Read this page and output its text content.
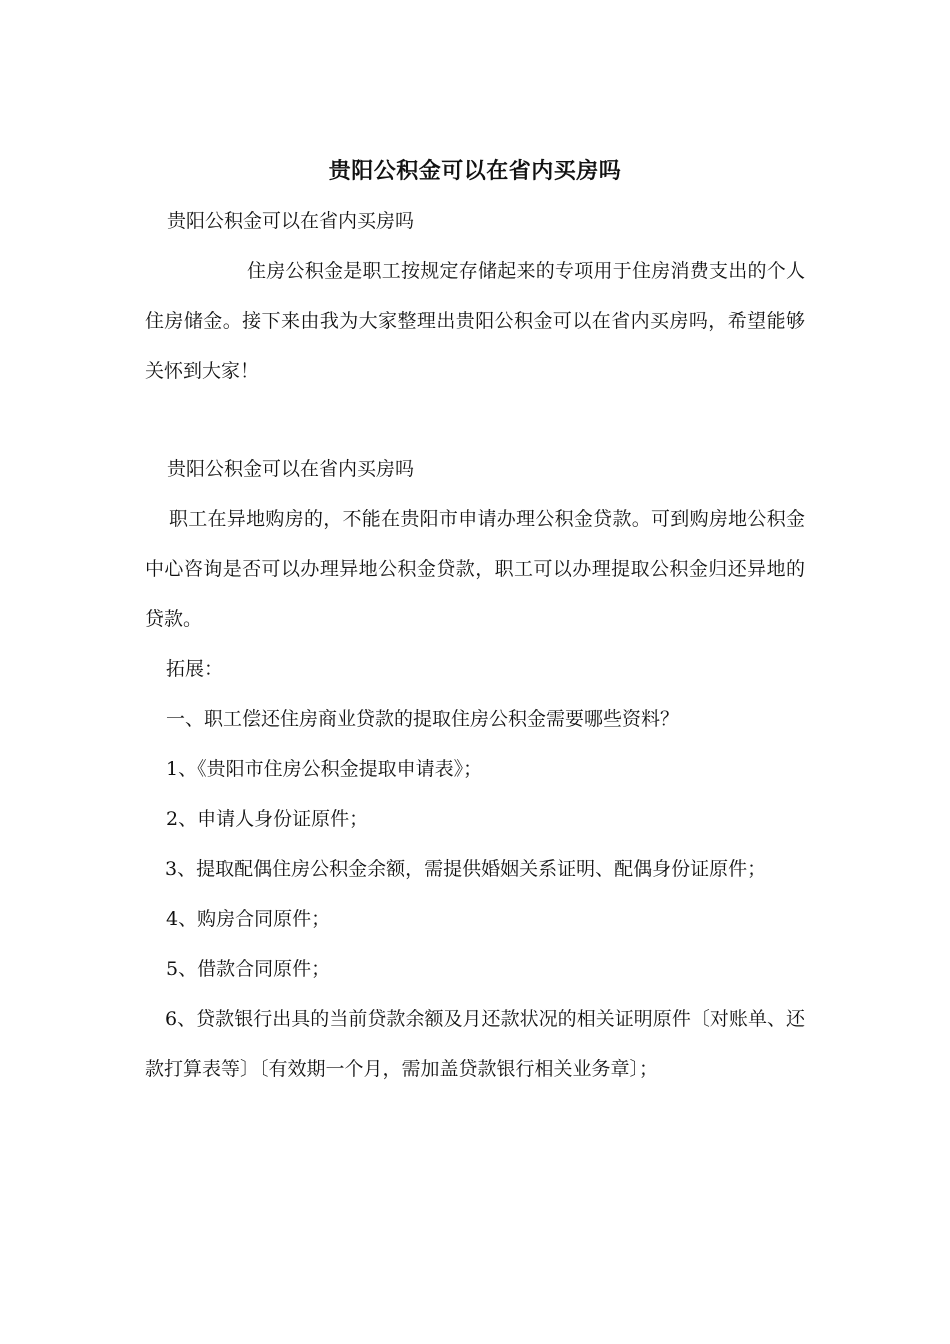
贵阳公积金可以在省内买房吗

贵阳公积金可以在省内买房吗

住房公积金是职工按规定存储起来的专项用于住房消费支出的个人住房储金。接下来由我为大家整理出贵阳公积金可以在省内买房吗，希望能够关怀到大家！

贵阳公积金可以在省内买房吗

职工在异地购房的，不能在贵阳市申请办理公积金贷款。可到购房地公积金中心咨询是否可以办理异地公积金贷款，职工可以办理提取公积金归还异地的贷款。

拓展：

一、职工偿还住房商业贷款的提取住房公积金需要哪些资料？

1、《贵阳市住房公积金提取申请表》；

2、申请人身份证原件；

3、提取配偶住房公积金余额，需提供婚姻关系证明、配偶身份证原件；

4、购房合同原件；

5、借款合同原件；

6、贷款银行出具的当前贷款余额及月还款状况的相关证明原件〔对账单、还款打算表等〕〔有效期一个月，需加盖贷款银行相关业务章〕；
